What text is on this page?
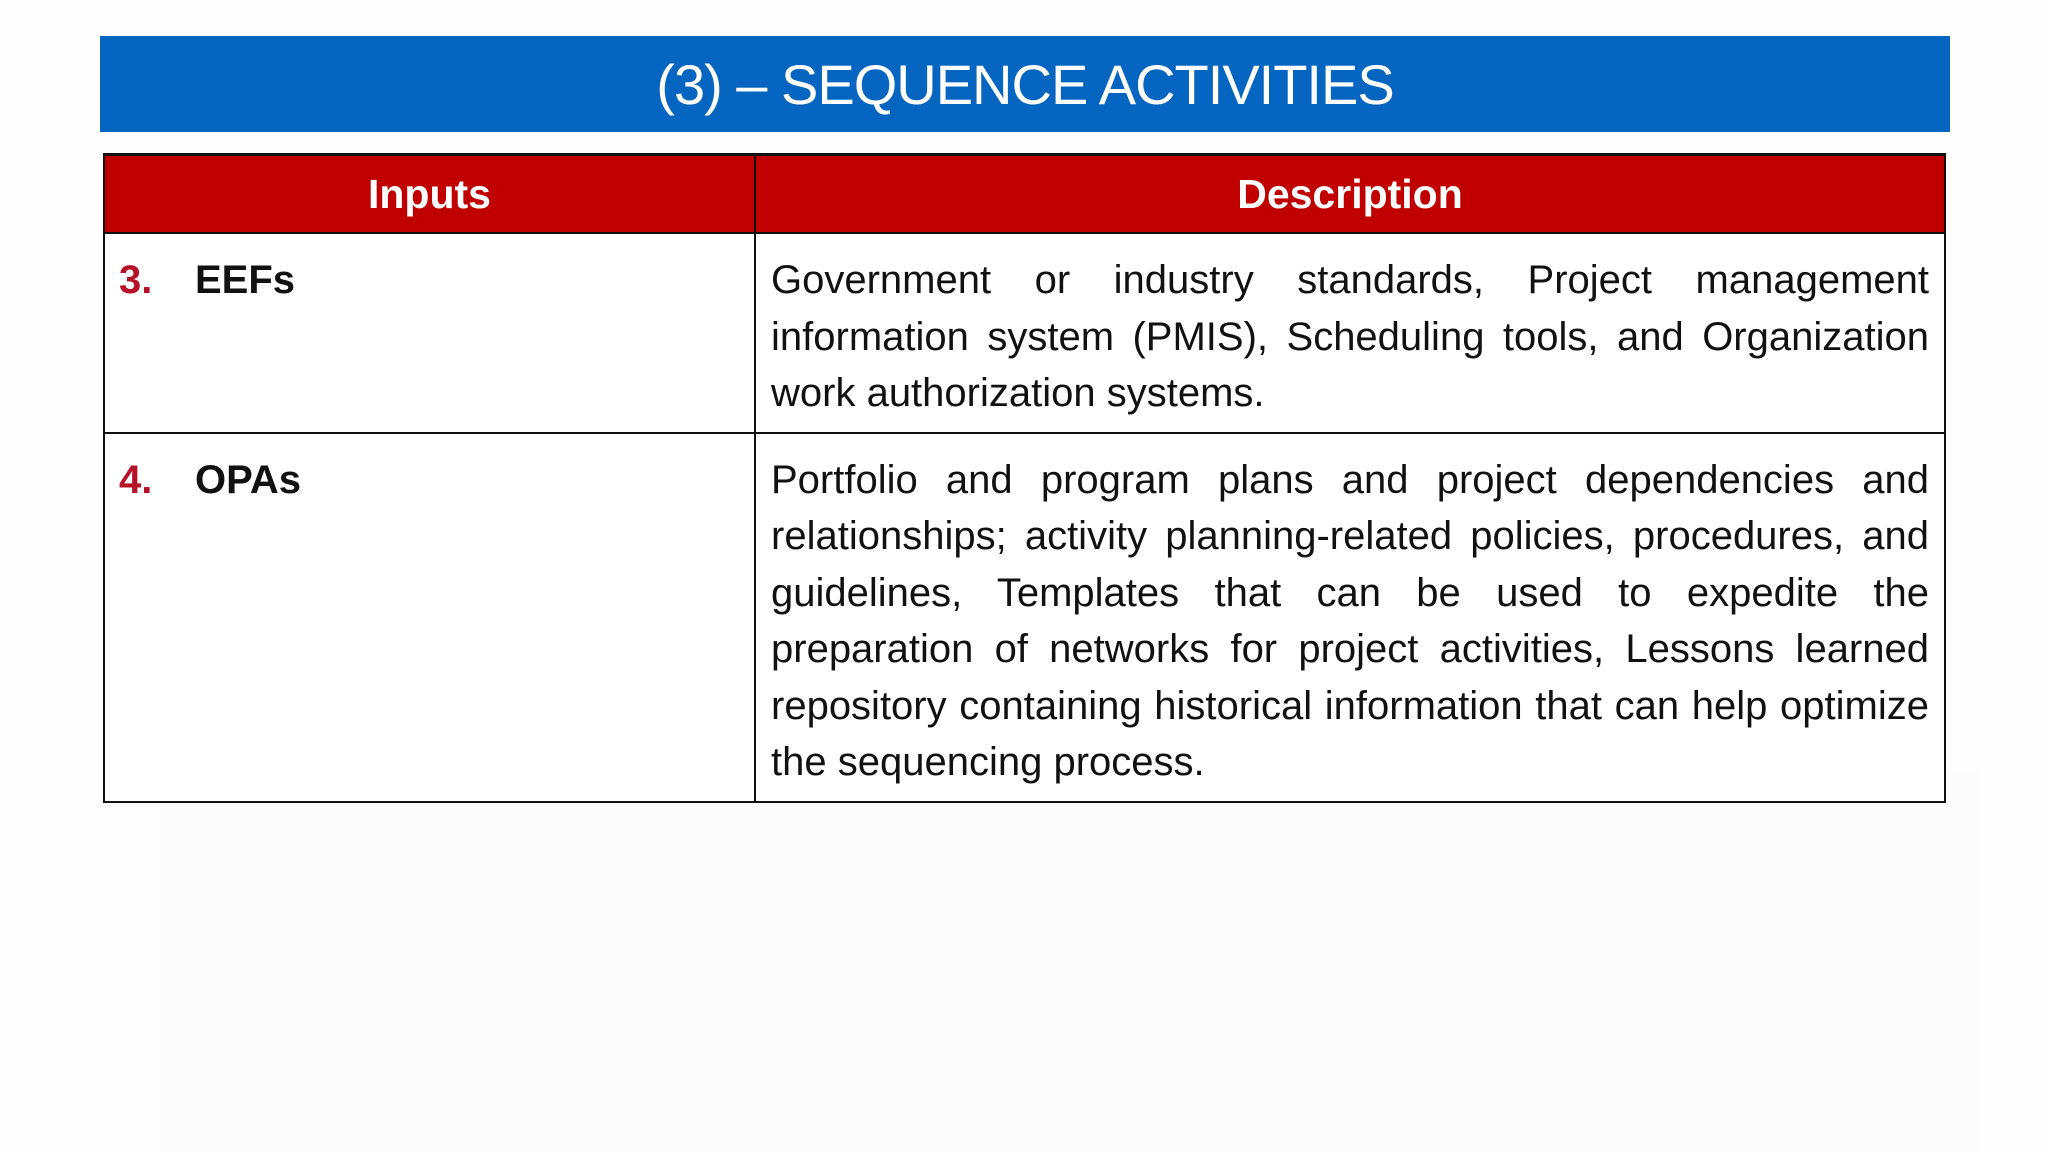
(3) – SEQUENCE ACTIVITIES
Inputs	Description
3. EEFs	Government or industry standards, Project management information system (PMIS), Scheduling tools, and Organization work authorization systems.
4. OPAs	Portfolio and program plans and project dependencies and relationships; activity planning-related policies, procedures, and guidelines, Templates that can be used to expedite the preparation of networks for project activities, Lessons learned repository containing historical information that can help optimize the sequencing process.
